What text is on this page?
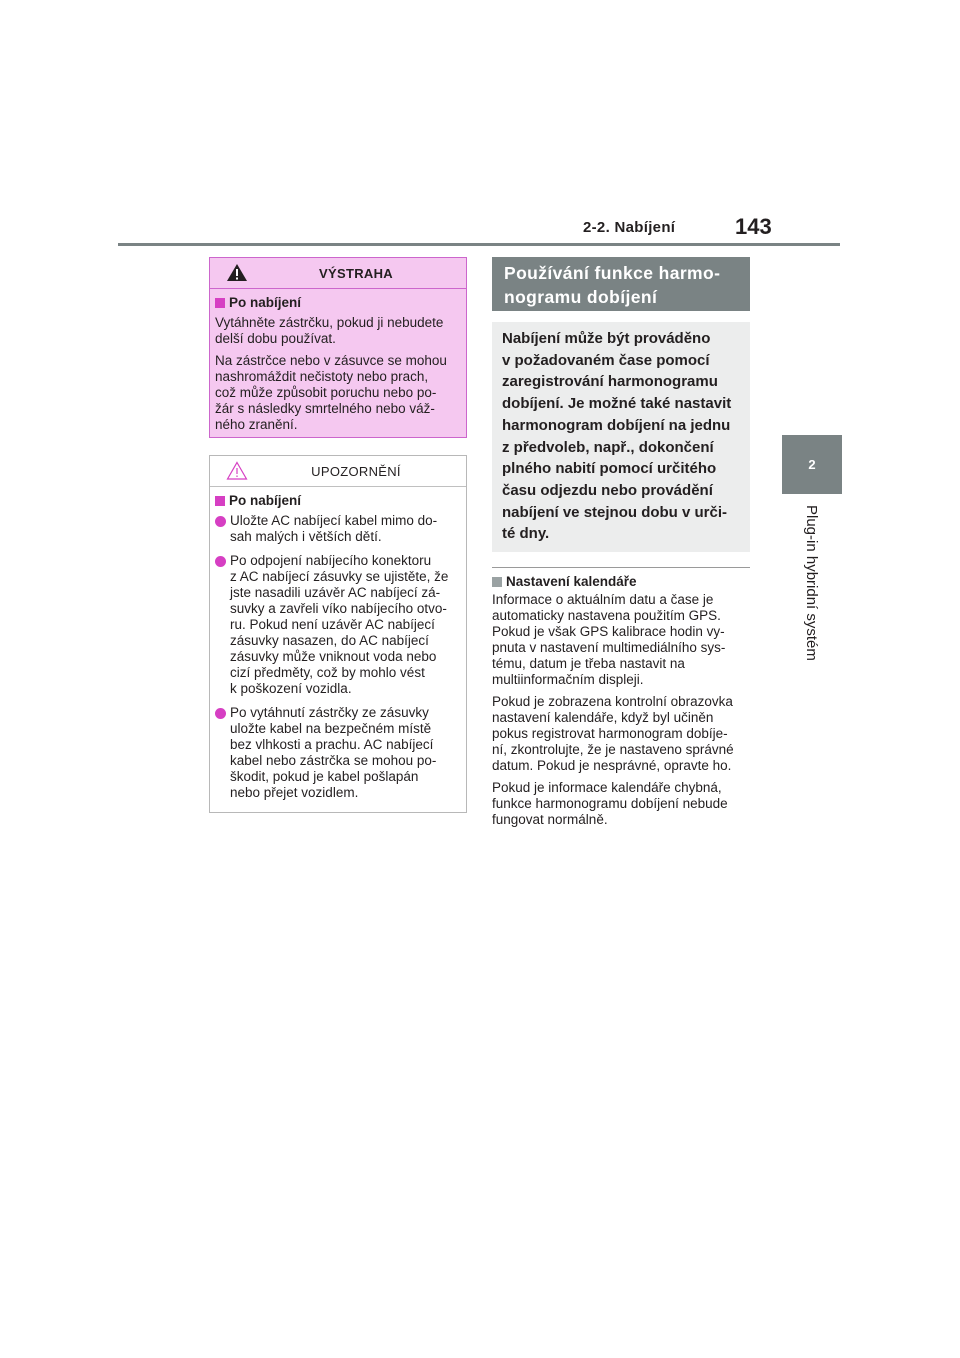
2-2. Nabíjení	143
2
Plug-in hybridní systém
VÝSTRAHA
Po nabíjení

Vytáhněte zástrčku, pokud ji nebudete
delší dobu používat.

Na zástrčce nebo v zásuvce se mohou
nashromáždit nečistoty nebo prach,
což může způsobit poruchu nebo po-
žár s následky smrtelného nebo váž-
ného zranění.

UPOZORNĚNÍ
Po nabíjení
Uložte AC nabíjecí kabel mimo do-
sah malých i větších dětí.
Po odpojení nabíjecího konektoru
z AC nabíjecí zásuvky se ujistěte, že
jste nasadili uzávěr AC nabíjecí zá-
suvky a zavřeli víko nabíjecího otvo-
ru. Pokud není uzávěr AC nabíjecí
zásuvky nasazen, do AC nabíjecí
zásuvky může vniknout voda nebo
cizí předměty, což by mohlo vést
k poškození vozidla.
Po vytáhnutí zástrčky ze zásuvky
uložte kabel na bezpečném místě
bez vlhkosti a prachu. AC nabíjecí
kabel nebo zástrčka se mohou po-
škodit, pokud je kabel pošlapán
nebo přejet vozidlem.
Používání funkce harmo-
nogramu dobíjení
Nabíjení může být prováděno
v požadovaném čase pomocí
zaregistrování harmonogramu
dobíjení. Je možné také nastavit
harmonogram dobíjení na jednu
z předvoleb, např., dokončení
plného nabití pomocí určitého
času odjezdu nebo provádění
nabíjení ve stejnou dobu v urči-
té dny.
Nastavení kalendáře

Informace o aktuálním datu a čase je
automaticky nastavena použitím GPS.
Pokud je však GPS kalibrace hodin vy-
pnuta v nastavení multimediálního sys-
tému, datum je třeba nastavit na
multiinformačním displeji.

Pokud je zobrazena kontrolní obrazovka
nastavení kalendáře, když byl učiněn
pokus registrovat harmonogram dobíje-
ní, zkontrolujte, že je nastaveno správné
datum. Pokud je nesprávné, opravte ho.

Pokud je informace kalendáře chybná,
funkce harmonogramu dobíjení nebude
fungovat normálně.
